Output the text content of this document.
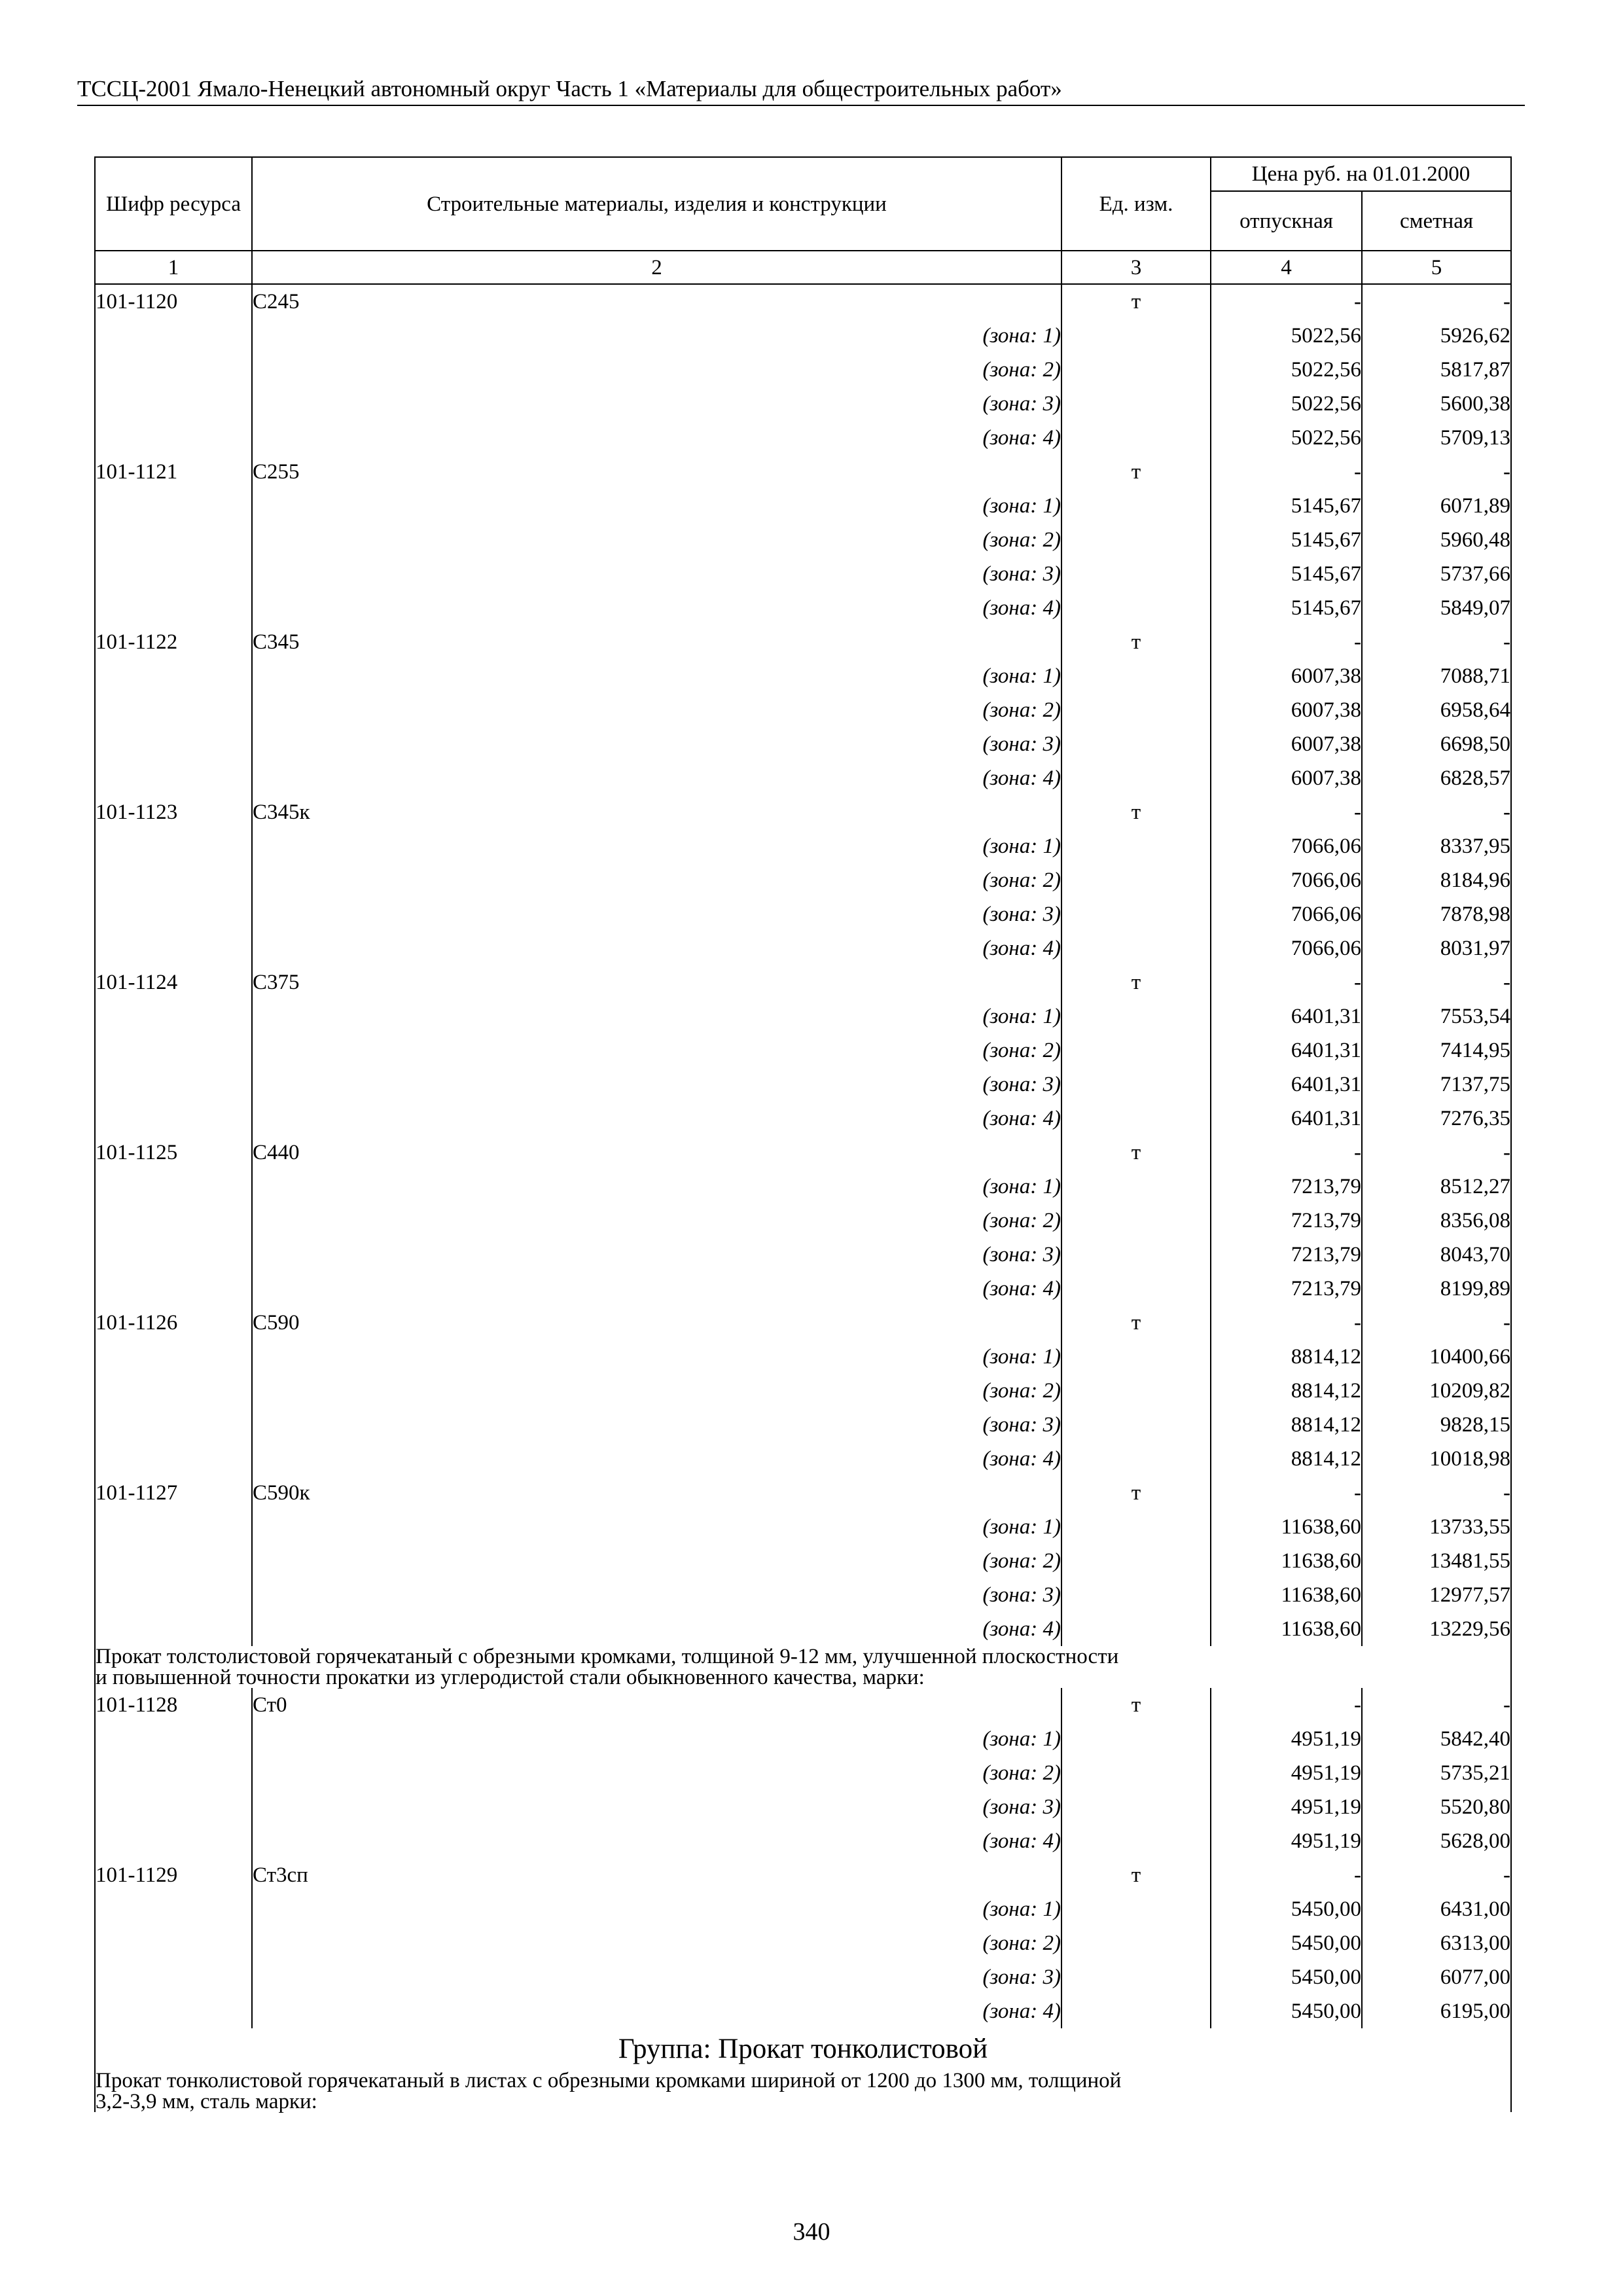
ТССЦ-2001 Ямало-Ненецкий автономный округ Часть 1 «Материалы для общестроительных работ»
Шифр ресурса	Строительные материалы, изделия и конструкции	Ед. изм.	Цена руб. на 01.01.2000	
			отпускная	сметная
1	2	3	4	5
101-1120	С245	т	-	-
	(зона: 1)		5022,56	5926,62
	(зона: 2)		5022,56	5817,87
	(зона: 3)		5022,56	5600,38
	(зона: 4)		5022,56	5709,13
101-1121	С255	т	-	-
	(зона: 1)		5145,67	6071,89
	(зона: 2)		5145,67	5960,48
	(зона: 3)		5145,67	5737,66
	(зона: 4)		5145,67	5849,07
101-1122	С345	т	-	-
	(зона: 1)		6007,38	7088,71
	(зона: 2)		6007,38	6958,64
	(зона: 3)		6007,38	6698,50
	(зона: 4)		6007,38	6828,57
101-1123	С345к	т	-	-
	(зона: 1)		7066,06	8337,95
	(зона: 2)		7066,06	8184,96
	(зона: 3)		7066,06	7878,98
	(зона: 4)		7066,06	8031,97
101-1124	С375	т	-	-
	(зона: 1)		6401,31	7553,54
	(зона: 2)		6401,31	7414,95
	(зона: 3)		6401,31	7137,75
	(зона: 4)		6401,31	7276,35
101-1125	С440	т	-	-
	(зона: 1)		7213,79	8512,27
	(зона: 2)		7213,79	8356,08
	(зона: 3)		7213,79	8043,70
	(зона: 4)		7213,79	8199,89
101-1126	С590	т	-	-
	(зона: 1)		8814,12	10400,66
	(зона: 2)		8814,12	10209,82
	(зона: 3)		8814,12	9828,15
	(зона: 4)		8814,12	10018,98
101-1127	С590к	т	-	-
	(зона: 1)		11638,60	13733,55
	(зона: 2)		11638,60	13481,55
	(зона: 3)		11638,60	12977,57
	(зона: 4)		11638,60	13229,56

Прокат толстолистовой горячекатаный с обрезными кромками, толщиной 9-12 мм, улучшенной плоскостности
и повышенной точности прокатки из углеродистой стали обыкновенного качества, марки:				

101-1128	Ст0	т	-	-
	(зона: 1)		4951,19	5842,40
	(зона: 2)		4951,19	5735,21
	(зона: 3)		4951,19	5520,80
	(зона: 4)		4951,19	5628,00
101-1129	Ст3сп	т	-	-
	(зона: 1)		5450,00	6431,00
	(зона: 2)		5450,00	6313,00
	(зона: 3)		5450,00	6077,00
	(зона: 4)		5450,00	6195,00
Группа: Прокат тонколистовой				

Прокат тонколистовой горячекатаный в листах с обрезными кромками шириной от 1200 до 1300 мм, толщиной
3,2-3,9 мм, сталь марки:				
340
